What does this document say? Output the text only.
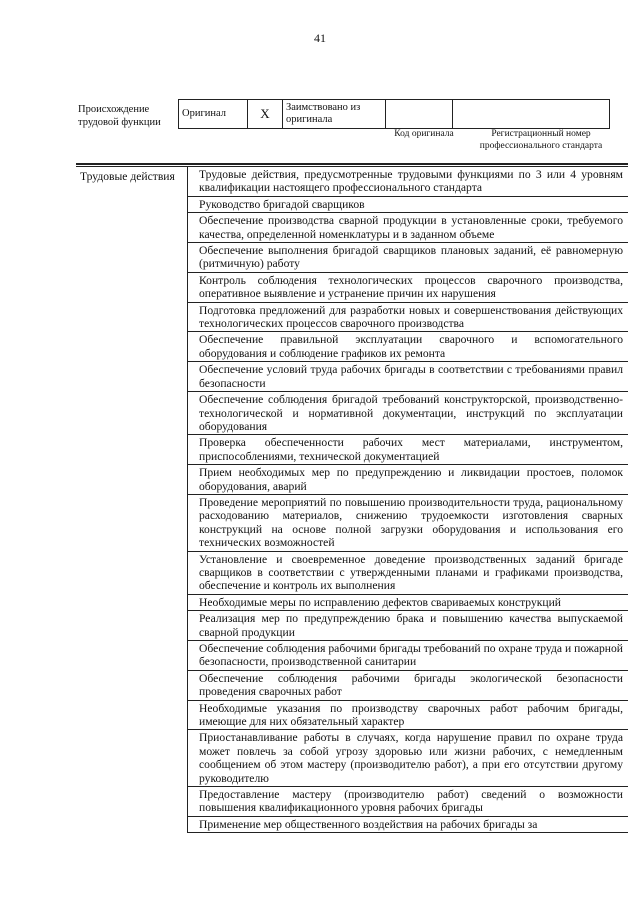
41
Происхождение трудовой функции
Оригинал	X	Заимствовано из оригинала		
Код оригинала	Регистрационный номер профессионального стандарта
Трудовые действия	Трудовые действия, предусмотренные трудовыми функциями по 3 или 4 уровням квалификации настоящего профессионального стандарта
Руководство бригадой сварщиков
Обеспечение производства сварной продукции в установленные сроки, требуемого качества, определенной номенклатуры и в заданном объеме
Обеспечение выполнения бригадой сварщиков плановых заданий, её равномерную (ритмичную) работу
Контроль соблюдения технологических процессов сварочного производства, оперативное выявление и устранение причин их нарушения
Подготовка предложений для разработки новых и совершенствования действующих технологических процессов сварочного производства
Обеспечение правильной эксплуатации сварочного и вспомогательного оборудования и соблюдение графиков их ремонта
Обеспечение условий труда рабочих бригады в соответствии с требованиями правил безопасности
Обеспечение соблюдения бригадой требований конструкторской, производственно-технологической и нормативной документации, инструкций по эксплуатации оборудования
Проверка обеспеченности рабочих мест материалами, инструментом, приспособлениями, технической документацией
Прием необходимых мер по предупреждению и ликвидации простоев, поломок оборудования, аварий
Проведение мероприятий по повышению производительности труда, рациональному расходованию материалов, снижению трудоемкости изготовления сварных конструкций на основе полной загрузки оборудования и использования его технических возможностей
Установление и своевременное доведение производственных заданий бригаде сварщиков в соответствии с утвержденными планами и графиками производства, обеспечение и контроль их выполнения
Необходимые меры по исправлению дефектов свариваемых конструкций
Реализация мер по предупреждению брака и повышению качества выпускаемой сварной продукции
Обеспечение соблюдения рабочими бригады требований по охране труда и пожарной безопасности, производственной санитарии
Обеспечение соблюдения рабочими бригады экологической безопасности проведения сварочных работ
Необходимые указания по производству сварочных работ рабочим бригады, имеющие для них обязательный характер
Приостанавливание работы в случаях, когда нарушение правил по охране труда может повлечь за собой угрозу здоровью или жизни рабочих, с немедленным сообщением об этом мастеру (производителю работ), а при его отсутствии другому руководителю
Предоставление мастеру (производителю работ) сведений о возможности повышения квалификационного уровня рабочих бригады
Применение мер общественного воздействия на рабочих бригады за
